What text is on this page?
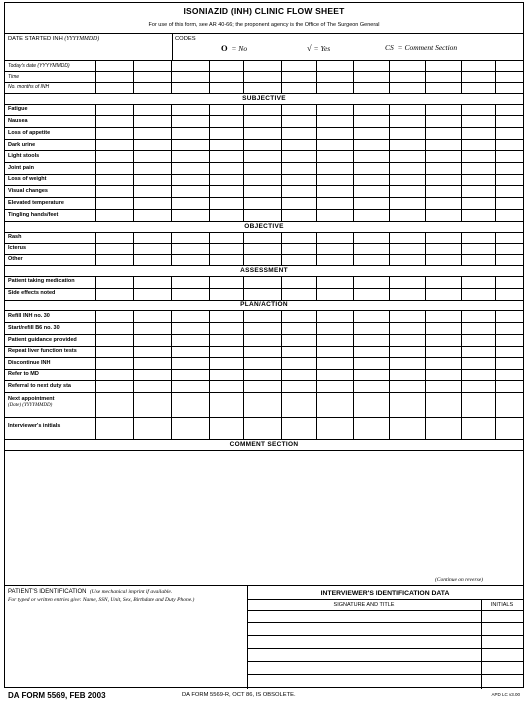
ISONIAZID (INH) CLINIC FLOW SHEET
For use of this form, see AR 40-66; the proponent agency is the Office of The Surgeon General
DATE STARTED INH (YYYYMMDD)	CODES
O = No	√ = Yes	CS = Comment Section
Today's date (YYYYMMDD)
Time
No. months of INH
SUBJECTIVE
Fatigue
Nausea
Loss of appetite
Dark urine
Light stools
Joint pain
Loss of weight
Visual changes
Elevated temperature
Tingling hands/feet
OBJECTIVE
Rash
Icterus
Other
ASSESSMENT
Patient taking medication
Side effects noted
PLAN/ACTION
Refill INH no. 30
Start/refill B6 no. 30
Patient guidance provided
Repeat liver function tests
Discontinue INH
Refer to MD
Referral to next duty sta
Next appointment
(Date) (YYYYMMDD)
Interviewer's initials
COMMENT SECTION
(Continue on reverse)
PATIENT'S IDENTIFICATION (Use mechanical imprint if available.
For typed or written entries give: Name, SSN, Unit, Sex, Birthdate and Duty Phone.)
INTERVIEWER'S IDENTIFICATION DATA
SIGNATURE AND TITLE	INITIALS
DA FORM 5569, FEB 2003	DA FORM 5569-R, OCT 86, IS OBSOLETE.	APD LC v3.00
